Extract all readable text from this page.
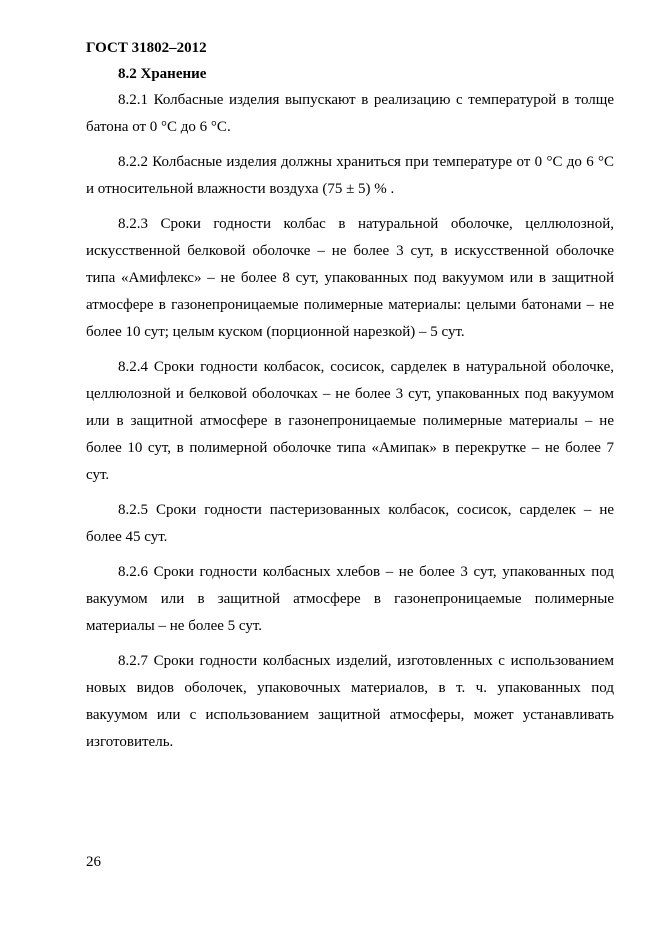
ГОСТ 31802–2012
8.2 Хранение

8.2.1 Колбасные изделия выпускают в реализацию с температурой в толще батона от 0 °С до 6 °С.

8.2.2 Колбасные изделия должны храниться при температуре от 0 °С до 6 °С и относительной влажности воздуха (75 ± 5) % .

8.2.3 Сроки годности колбас в натуральной оболочке, целлюлозной, искусственной белковой оболочке – не более 3 сут, в искусственной оболочке типа «Амифлекс» – не более 8 сут, упакованных под вакуумом или в защитной атмосфере в газонепроницаемые полимерные материалы: целыми батонами – не более 10 сут; целым куском (порционной нарезкой) – 5 сут.

8.2.4 Сроки годности колбасок, сосисок, сарделек в натуральной оболочке, целлюлозной и белковой оболочках – не более 3 сут, упакованных под вакуумом или в защитной атмосфере в газонепроницаемые полимерные материалы – не более 10 сут, в полимерной оболочке типа «Амипак» в перекрутке – не более 7 сут.

8.2.5 Сроки годности пастеризованных колбасок, сосисок, сарделек – не более 45 сут.

8.2.6 Сроки годности колбасных хлебов – не более 3 сут, упакованных под вакуумом или в защитной атмосфере в газонепроницаемые полимерные материалы – не более 5 сут.

8.2.7 Сроки годности колбасных изделий, изготовленных с использованием новых видов оболочек, упаковочных материалов, в т. ч. упакованных под вакуумом или с использованием защитной атмосферы, может устанавливать изготовитель.

26
